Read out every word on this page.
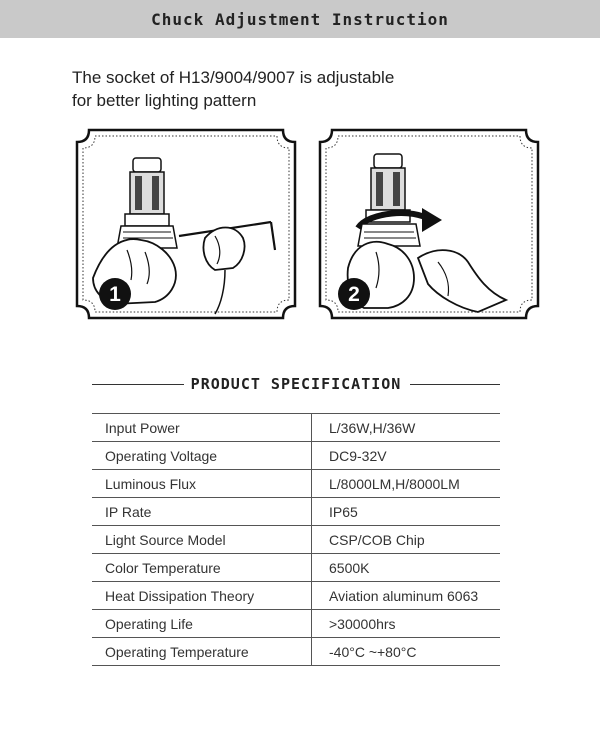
Chuck Adjustment Instruction
The socket of H13/9004/9007 is adjustable
for better lighting pattern
1	2
PRODUCT SPECIFICATION
Input Power	L/36W,H/36W
Operating Voltage	DC9-32V
Luminous Flux	L/8000LM,H/8000LM
IP Rate	IP65
Light Source Model	CSP/COB Chip
Color Temperature	6500K
Heat Dissipation Theory	Aviation aluminum 6063
Operating Life	>30000hrs
Operating Temperature	-40°C ~+80°C
